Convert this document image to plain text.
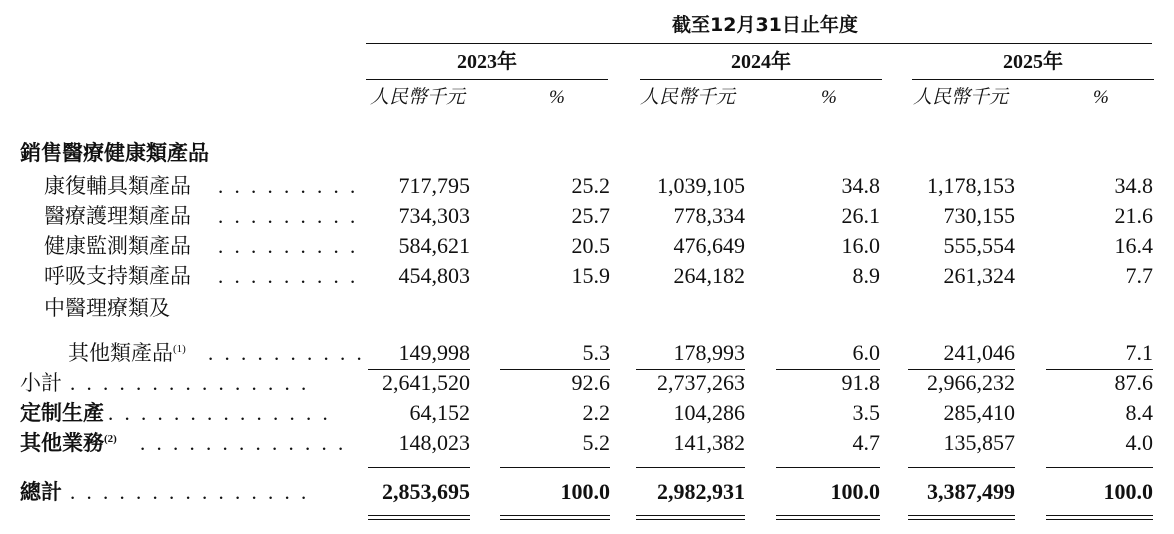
截至12月31日止年度
2023年	2024年	2025年
人民幣千元	%	人民幣千元	%	人民幣千元	%
銷售醫療健康類產品
康復輔具類產品 . . . . . . . . .	717,795	25.2	1,039,105	34.8	1,178,153	34.8
醫療護理類產品 . . . . . . . . .	734,303	25.7	778,334	26.1	730,155	21.6
健康監測類產品 . . . . . . . . .	584,621	20.5	476,649	16.0	555,554	16.4
呼吸支持類產品 . . . . . . . . .	454,803	15.9	264,182	8.9	261,324	7.7
中醫理療類及
其他類產品$^{(1)}$ . . . . . . . . . .	149,998	5.3	178,993	6.0	241,046	7.1
小計 . . . . . . . . . . . . . . .	2,641,520	92.6	2,737,263	91.8	2,966,232	87.6
定制生產 . . . . . . . . . . . . . .	64,152	2.2	104,286	3.5	285,410	8.4
其他業務$^{(2)}$ . . . . . . . . . . . . .	148,023	5.2	141,382	4.7	135,857	4.0
總計 . . . . . . . . . . . . . . .	2,853,695	100.0	2,982,931	100.0	3,387,499	100.0
